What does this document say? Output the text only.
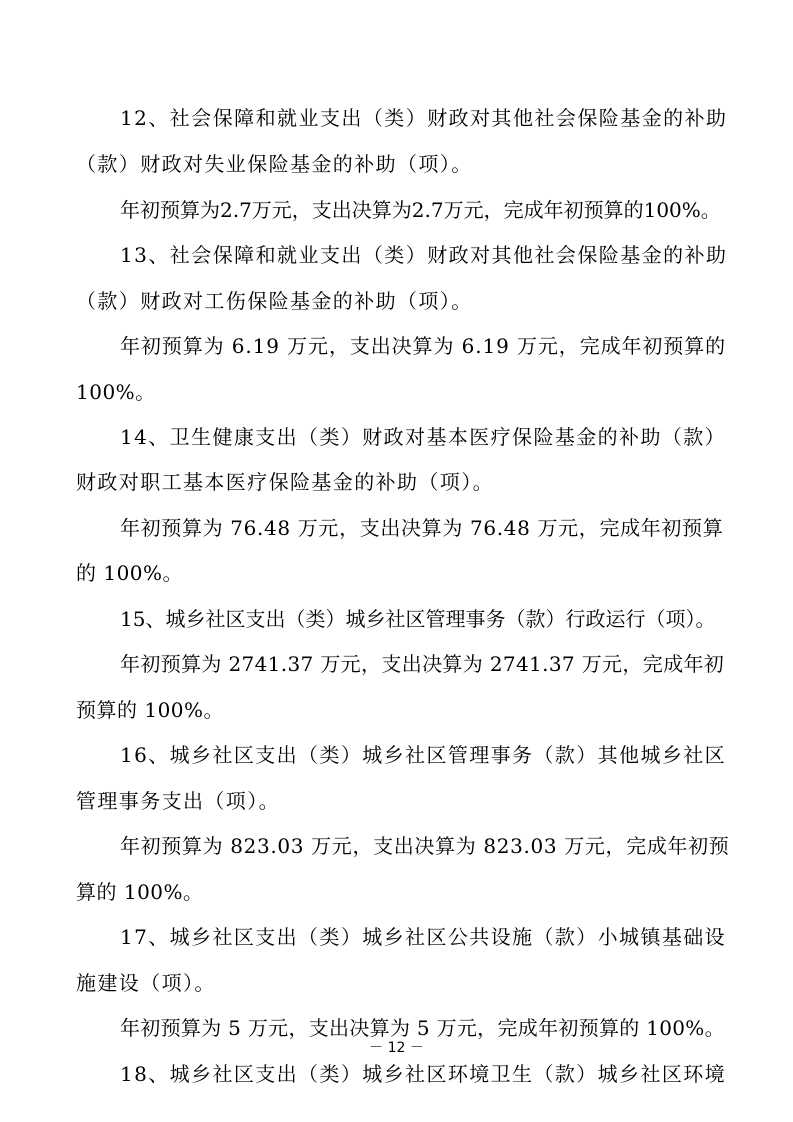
12、社会保障和就业支出（类）财政对其他社会保险基金的补助
（款）财政对失业保险基金的补助（项）。
年初预算为2.7万元，支出决算为2.7万元，完成年初预算的100%。
13、社会保障和就业支出（类）财政对其他社会保险基金的补助
（款）财政对工伤保险基金的补助（项）。
年初预算为 6.19 万元，支出决算为 6.19 万元，完成年初预算的
100%。
14、卫生健康支出（类）财政对基本医疗保险基金的补助（款）
财政对职工基本医疗保险基金的补助（项）。
年初预算为 76.48 万元，支出决算为 76.48 万元，完成年初预算
的 100%。
15、城乡社区支出（类）城乡社区管理事务（款）行政运行（项）。
年初预算为 2741.37 万元，支出决算为 2741.37 万元，完成年初
预算的 100%。
16、城乡社区支出（类）城乡社区管理事务（款）其他城乡社区
管理事务支出（项）。
年初预算为 823.03 万元，支出决算为 823.03 万元，完成年初预
算的 100%。
17、城乡社区支出（类）城乡社区公共设施（款）小城镇基础设
施建设（项）。
年初预算为 5 万元，支出决算为 5 万元，完成年初预算的 100%。
18、城乡社区支出（类）城乡社区环境卫生（款）城乡社区环境
－ 12 －
